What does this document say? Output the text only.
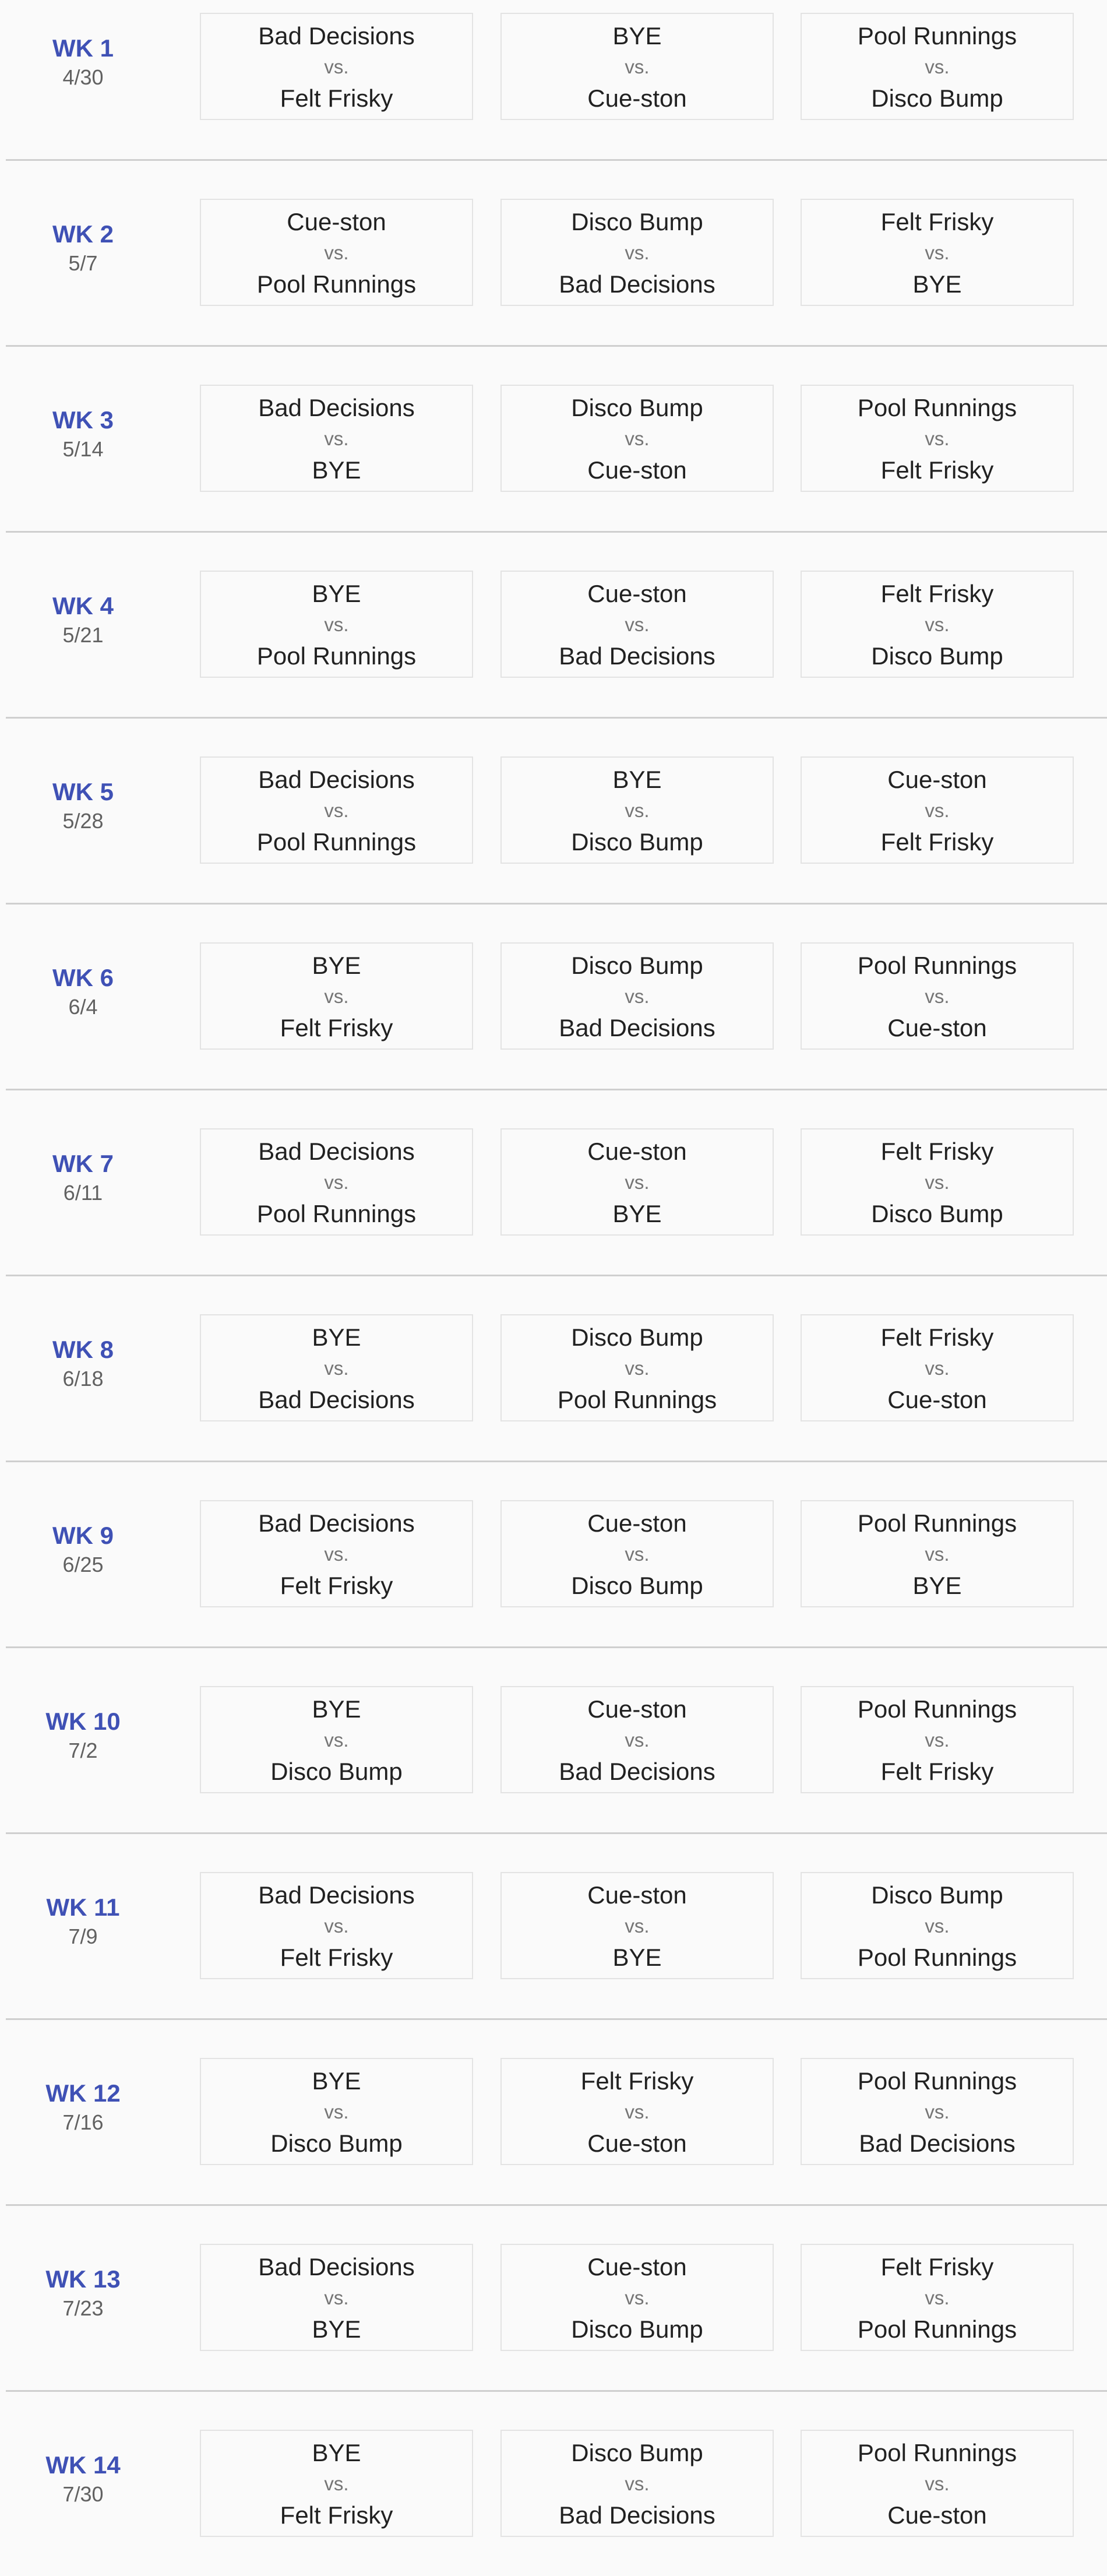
WK 1
4/30
Bad Decisions
vs.
Felt Frisky
BYE
vs.
Cue-ston
Pool Runnings
vs.
Disco Bump
WK 2
5/7
Cue-ston
vs.
Pool Runnings
Disco Bump
vs.
Bad Decisions
Felt Frisky
vs.
BYE
WK 3
5/14
Bad Decisions
vs.
BYE
Disco Bump
vs.
Cue-ston
Pool Runnings
vs.
Felt Frisky
WK 4
5/21
BYE
vs.
Pool Runnings
Cue-ston
vs.
Bad Decisions
Felt Frisky
vs.
Disco Bump
WK 5
5/28
Bad Decisions
vs.
Pool Runnings
BYE
vs.
Disco Bump
Cue-ston
vs.
Felt Frisky
WK 6
6/4
BYE
vs.
Felt Frisky
Disco Bump
vs.
Bad Decisions
Pool Runnings
vs.
Cue-ston
WK 7
6/11
Bad Decisions
vs.
Pool Runnings
Cue-ston
vs.
BYE
Felt Frisky
vs.
Disco Bump
WK 8
6/18
BYE
vs.
Bad Decisions
Disco Bump
vs.
Pool Runnings
Felt Frisky
vs.
Cue-ston
WK 9
6/25
Bad Decisions
vs.
Felt Frisky
Cue-ston
vs.
Disco Bump
Pool Runnings
vs.
BYE
WK 10
7/2
BYE
vs.
Disco Bump
Cue-ston
vs.
Bad Decisions
Pool Runnings
vs.
Felt Frisky
WK 11
7/9
Bad Decisions
vs.
Felt Frisky
Cue-ston
vs.
BYE
Disco Bump
vs.
Pool Runnings
WK 12
7/16
BYE
vs.
Disco Bump
Felt Frisky
vs.
Cue-ston
Pool Runnings
vs.
Bad Decisions
WK 13
7/23
Bad Decisions
vs.
BYE
Cue-ston
vs.
Disco Bump
Felt Frisky
vs.
Pool Runnings
WK 14
7/30
BYE
vs.
Felt Frisky
Disco Bump
vs.
Bad Decisions
Pool Runnings
vs.
Cue-ston
